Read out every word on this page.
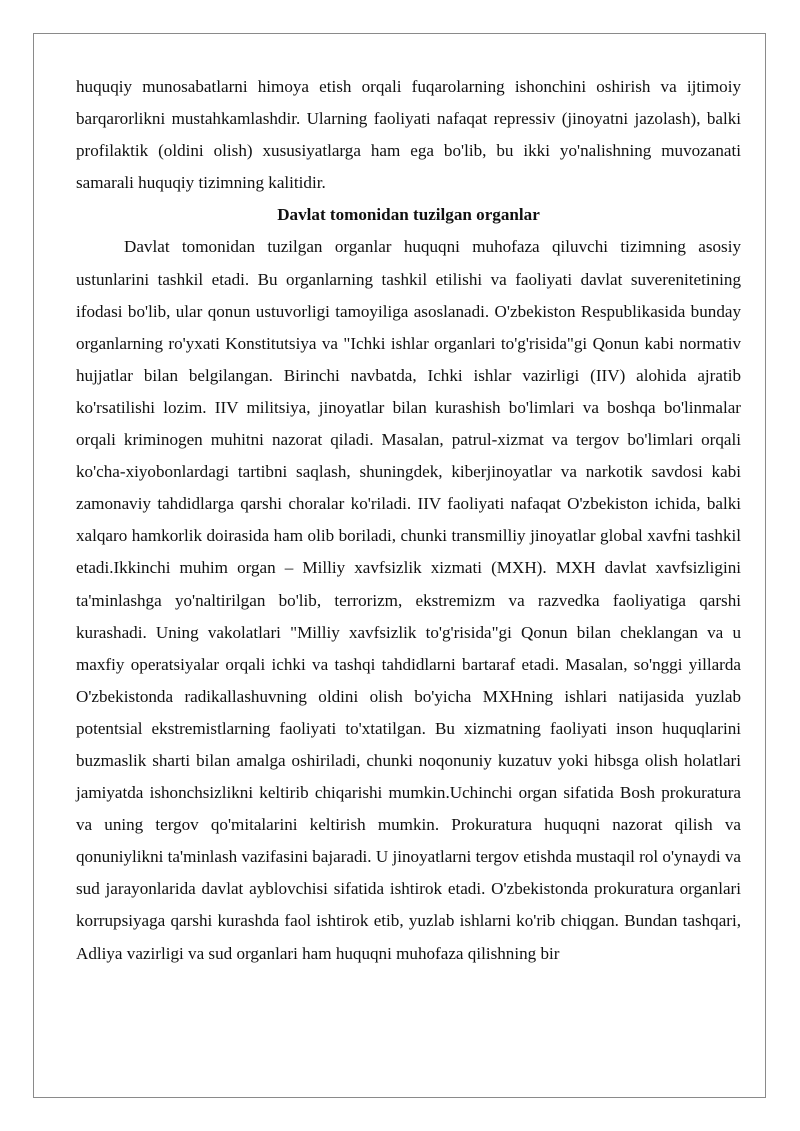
huquqiy munosabatlarni himoya etish orqali fuqarolarning ishonchini oshirish va ijtimoiy barqarorlikni mustahkamlashdir. Ularning faoliyati nafaqat repressiv (jinoyatni jazolash), balki profilaktik (oldini olish) xususiyatlarga ham ega bo'lib, bu ikki yo'nalishning muvozanati samarali huquqiy tizimning kalitidir.

Davlat tomonidan tuzilgan organlar

Davlat tomonidan tuzilgan organlar huquqni muhofaza qiluvchi tizimning asosiy ustunlarini tashkil etadi. Bu organlarning tashkil etilishi va faoliyati davlat suverenitetining ifodasi bo'lib, ular qonun ustuvorligi tamoyiliga asoslanadi. O'zbekiston Respublikasida bunday organlarning ro'yxati Konstitutsiya va "Ichki ishlar organlari to'g'risida"gi Qonun kabi normativ hujjatlar bilan belgilangan. Birinchi navbatda, Ichki ishlar vazirligi (IIV) alohida ajratib ko'rsatilishi lozim. IIV militsiya, jinoyatlar bilan kurashish bo'limlari va boshqa bo'linmalar orqali kriminogen muhitni nazorat qiladi. Masalan, patrul-xizmat va tergov bo'limlari orqali ko'cha-xiyobonlardagi tartibni saqlash, shuningdek, kiberjinoyatlar va narkotik savdosi kabi zamonaviy tahdidlarga qarshi choralar ko'riladi. IIV faoliyati nafaqat O'zbekiston ichida, balki xalqaro hamkorlik doirasida ham olib boriladi, chunki transmilliy jinoyatlar global xavfni tashkil etadi.Ikkinchi muhim organ – Milliy xavfsizlik xizmati (MXH). MXH davlat xavfsizligini ta'minlashga yo'naltirilgan bo'lib, terrorizm, ekstremizm va razvedka faoliyatiga qarshi kurashadi. Uning vakolatlari "Milliy xavfsizlik to'g'risida"gi Qonun bilan cheklangan va u maxfiy operatsiyalar orqali ichki va tashqi tahdidlarni bartaraf etadi. Masalan, so'nggi yillarda O'zbekistonda radikallashuvning oldini olish bo'yicha MXHning ishlari natijasida yuzlab potentsial ekstremistlarning faoliyati to'xtatilgan. Bu xizmatning faoliyati inson huquqlarini buzmaslik sharti bilan amalga oshiriladi, chunki noqonuniy kuzatuv yoki hibsga olish holatlari jamiyatda ishonchsizlikni keltirib chiqarishi mumkin.Uchinchi organ sifatida Bosh prokuratura va uning tergov qo'mitalarini keltirish mumkin. Prokuratura huquqni nazorat qilish va qonuniylikni ta'minlash vazifasini bajaradi. U jinoyatlarni tergov etishda mustaqil rol o'ynaydi va sud jarayonlarida davlat ayblovchisi sifatida ishtirok etadi. O'zbekistonda prokuratura organlari korrupsiyaga qarshi kurashda faol ishtirok etib, yuzlab ishlarni ko'rib chiqgan. Bundan tashqari, Adliya vazirligi va sud organlari ham huquqni muhofaza qilishning bir
